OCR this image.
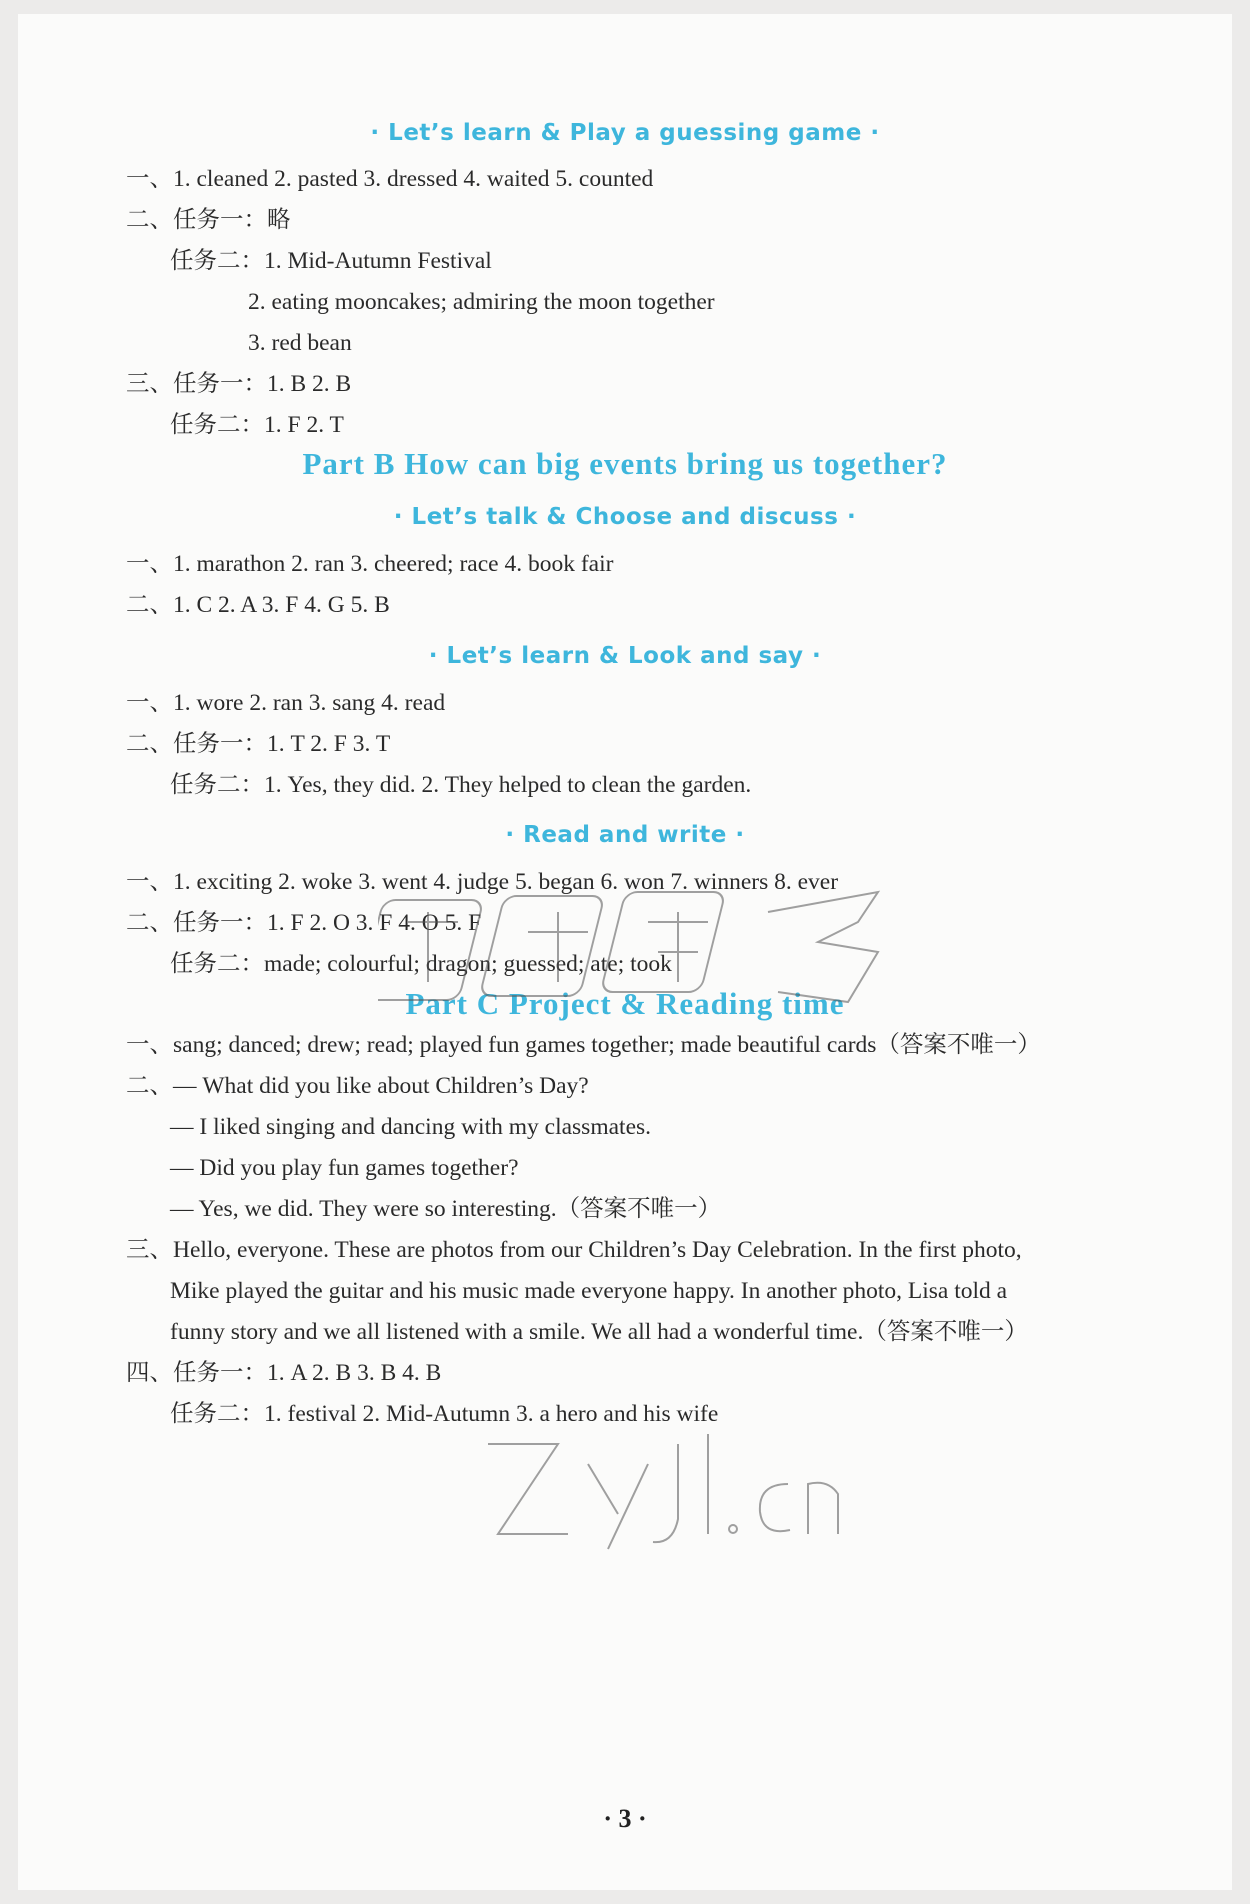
· Let’s learn & Play a guessing game ·
一、1. cleaned 2. pasted 3. dressed 4. waited 5. counted
二、任务一：略
任务二：1. Mid-Autumn Festival
2. eating mooncakes; admiring the moon together
3. red bean
三、任务一：1. B 2. B
任务二：1. F 2. T
Part B How can big events bring us together?
· Let’s talk & Choose and discuss ·
一、1. marathon 2. ran 3. cheered; race 4. book fair
二、1. C 2. A 3. F 4. G 5. B
· Let’s learn & Look and say ·
一、1. wore 2. ran 3. sang 4. read
二、任务一：1. T 2. F 3. T
任务二：1. Yes, they did. 2. They helped to clean the garden.
· Read and write ·
一、1. exciting 2. woke 3. went 4. judge 5. began 6. won 7. winners 8. ever
二、任务一：1. F 2. O 3. F 4. O 5. F
任务二：made; colourful; dragon; guessed; ate; took
Part C Project & Reading time
一、sang; danced; drew; read; played fun games together; made beautiful cards（答案不唯一）
二、— What did you like about Children’s Day?
— I liked singing and dancing with my classmates.
— Did you play fun games together?
— Yes, we did. They were so interesting.（答案不唯一）
三、Hello, everyone. These are photos from our Children’s Day Celebration. In the first photo,
Mike played the guitar and his music made everyone happy. In another photo, Lisa told a
funny story and we all listened with a smile. We all had a wonderful time.（答案不唯一）
四、任务一：1. A 2. B 3. B 4. B
任务二：1. festival 2. Mid-Autumn 3. a hero and his wife
· 3 ·
